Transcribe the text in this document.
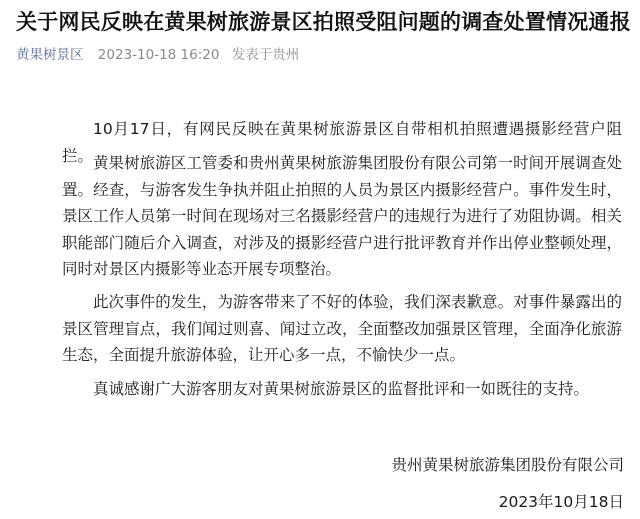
关于网民反映在黄果树旅游景区拍照受阻问题的调查处置情况通报
黄果树景区 2023-10-18 16:20 发表于贵州

10月17日，有网民反映在黄果树旅游景区自带相机拍照遭遇摄影经营户阻拦。 黄果树旅游区工管委和贵州黄果树旅游集团股份有限公司第一时间开展调查处置。经查，与游客发生争执并阻止拍照的人员为景区内摄影经营户。事件发生时，景区工作人员第一时间在现场对三名摄影经营户的违规行为进行了劝阻协调。相关职能部门随后介入调查，对涉及的摄影经营户进行批评教育并作出停业整顿处理，同时对景区内摄影等业态开展专项整治。

此次事件的发生，为游客带来了不好的体验，我们深表歉意。对事件暴露出的景区管理盲点，我们闻过则喜、闻过立改，全面整改加强景区管理，全面净化旅游生态，全面提升旅游体验，让开心多一点，不愉快少一点。

真诚感谢广大游客朋友对黄果树旅游景区的监督批评和一如既往的支持。

贵州黄果树旅游集团股份有限公司
2023年10月18日
